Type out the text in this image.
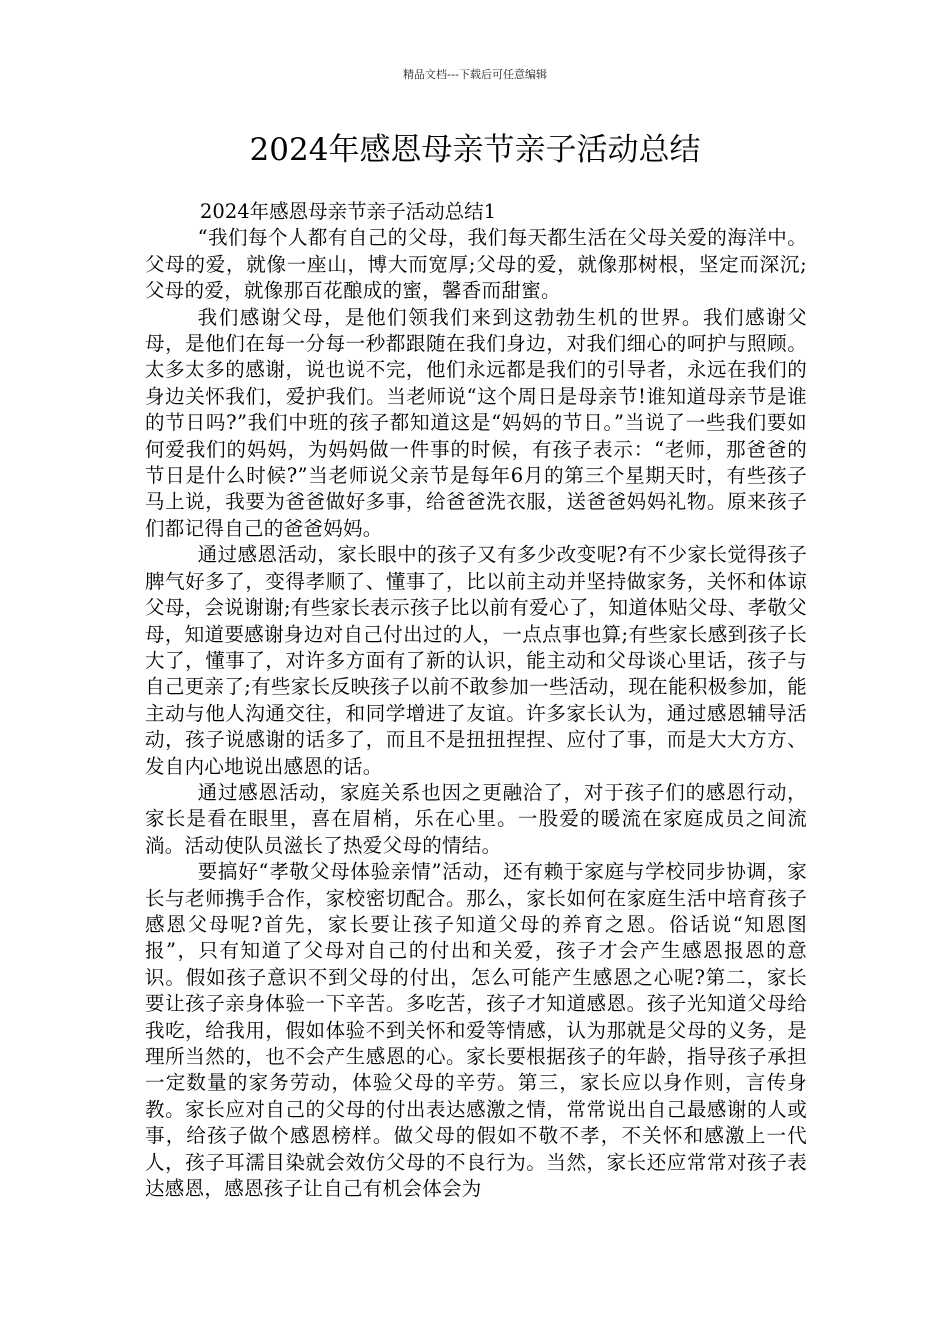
精品文档---下载后可任意编辑
2024年感恩母亲节亲子活动总结

2024年感恩母亲节亲子活动总结1

“我们每个人都有自己的父母，我们每天都生活在父母关爱的海洋中。父母的爱，就像一座山，博大而宽厚;父母的爱，就像那树根，坚定而深沉;父母的爱，就像那百花酿成的蜜，馨香而甜蜜。

我们感谢父母，是他们领我们来到这勃勃生机的世界。我们感谢父母，是他们在每一分每一秒都跟随在我们身边，对我们细心的呵护与照顾。太多太多的感谢，说也说不完，他们永远都是我们的引导者，永远在我们的身边关怀我们，爱护我们。当老师说“这个周日是母亲节!谁知道母亲节是谁的节日吗?”我们中班的孩子都知道这是“妈妈的节日。”当说了一些我们要如何爱我们的妈妈，为妈妈做一件事的时候，有孩子表示：“老师，那爸爸的节日是什么时候?”当老师说父亲节是每年6月的第三个星期天时，有些孩子马上说，我要为爸爸做好多事，给爸爸洗衣服，送爸爸妈妈礼物。原来孩子们都记得自己的爸爸妈妈。

通过感恩活动，家长眼中的孩子又有多少改变呢?有不少家长觉得孩子脾气好多了，变得孝顺了、懂事了，比以前主动并坚持做家务，关怀和体谅父母，会说谢谢;有些家长表示孩子比以前有爱心了，知道体贴父母、孝敬父母，知道要感谢身边对自己付出过的人，一点点事也算;有些家长感到孩子长大了，懂事了，对许多方面有了新的认识，能主动和父母谈心里话，孩子与自己更亲了;有些家长反映孩子以前不敢参加一些活动，现在能积极参加，能主动与他人沟通交往，和同学增进了友谊。许多家长认为，通过感恩辅导活动，孩子说感谢的话多了，而且不是扭扭捏捏、应付了事，而是大大方方、发自内心地说出感恩的话。

通过感恩活动，家庭关系也因之更融洽了，对于孩子们的感恩行动，家长是看在眼里，喜在眉梢，乐在心里。一股爱的暖流在家庭成员之间流淌。活动使队员滋长了热爱父母的情结。

要搞好“孝敬父母体验亲情”活动，还有赖于家庭与学校同步协调，家长与老师携手合作，家校密切配合。那么，家长如何在家庭生活中培育孩子感恩父母呢?首先，家长要让孩子知道父母的养育之恩。俗话说“知恩图报”，只有知道了父母对自己的付出和关爱，孩子才会产生感恩报恩的意识。假如孩子意识不到父母的付出，怎么可能产生感恩之心呢?第二，家长要让孩子亲身体验一下辛苦。多吃苦，孩子才知道感恩。孩子光知道父母给我吃，给我用，假如体验不到关怀和爱等情感，认为那就是父母的义务，是理所当然的，也不会产生感恩的心。家长要根据孩子的年龄，指导孩子承担一定数量的家务劳动，体验父母的辛劳。第三，家长应以身作则，言传身教。家长应对自己的父母的付出表达感激之情，常常说出自己最感谢的人或事，给孩子做个感恩榜样。做父母的假如不敬不孝，不关怀和感激上一代人，孩子耳濡目染就会效仿父母的不良行为。当然，家长还应常常对孩子表达感恩，感恩孩子让自己有机会体会为
